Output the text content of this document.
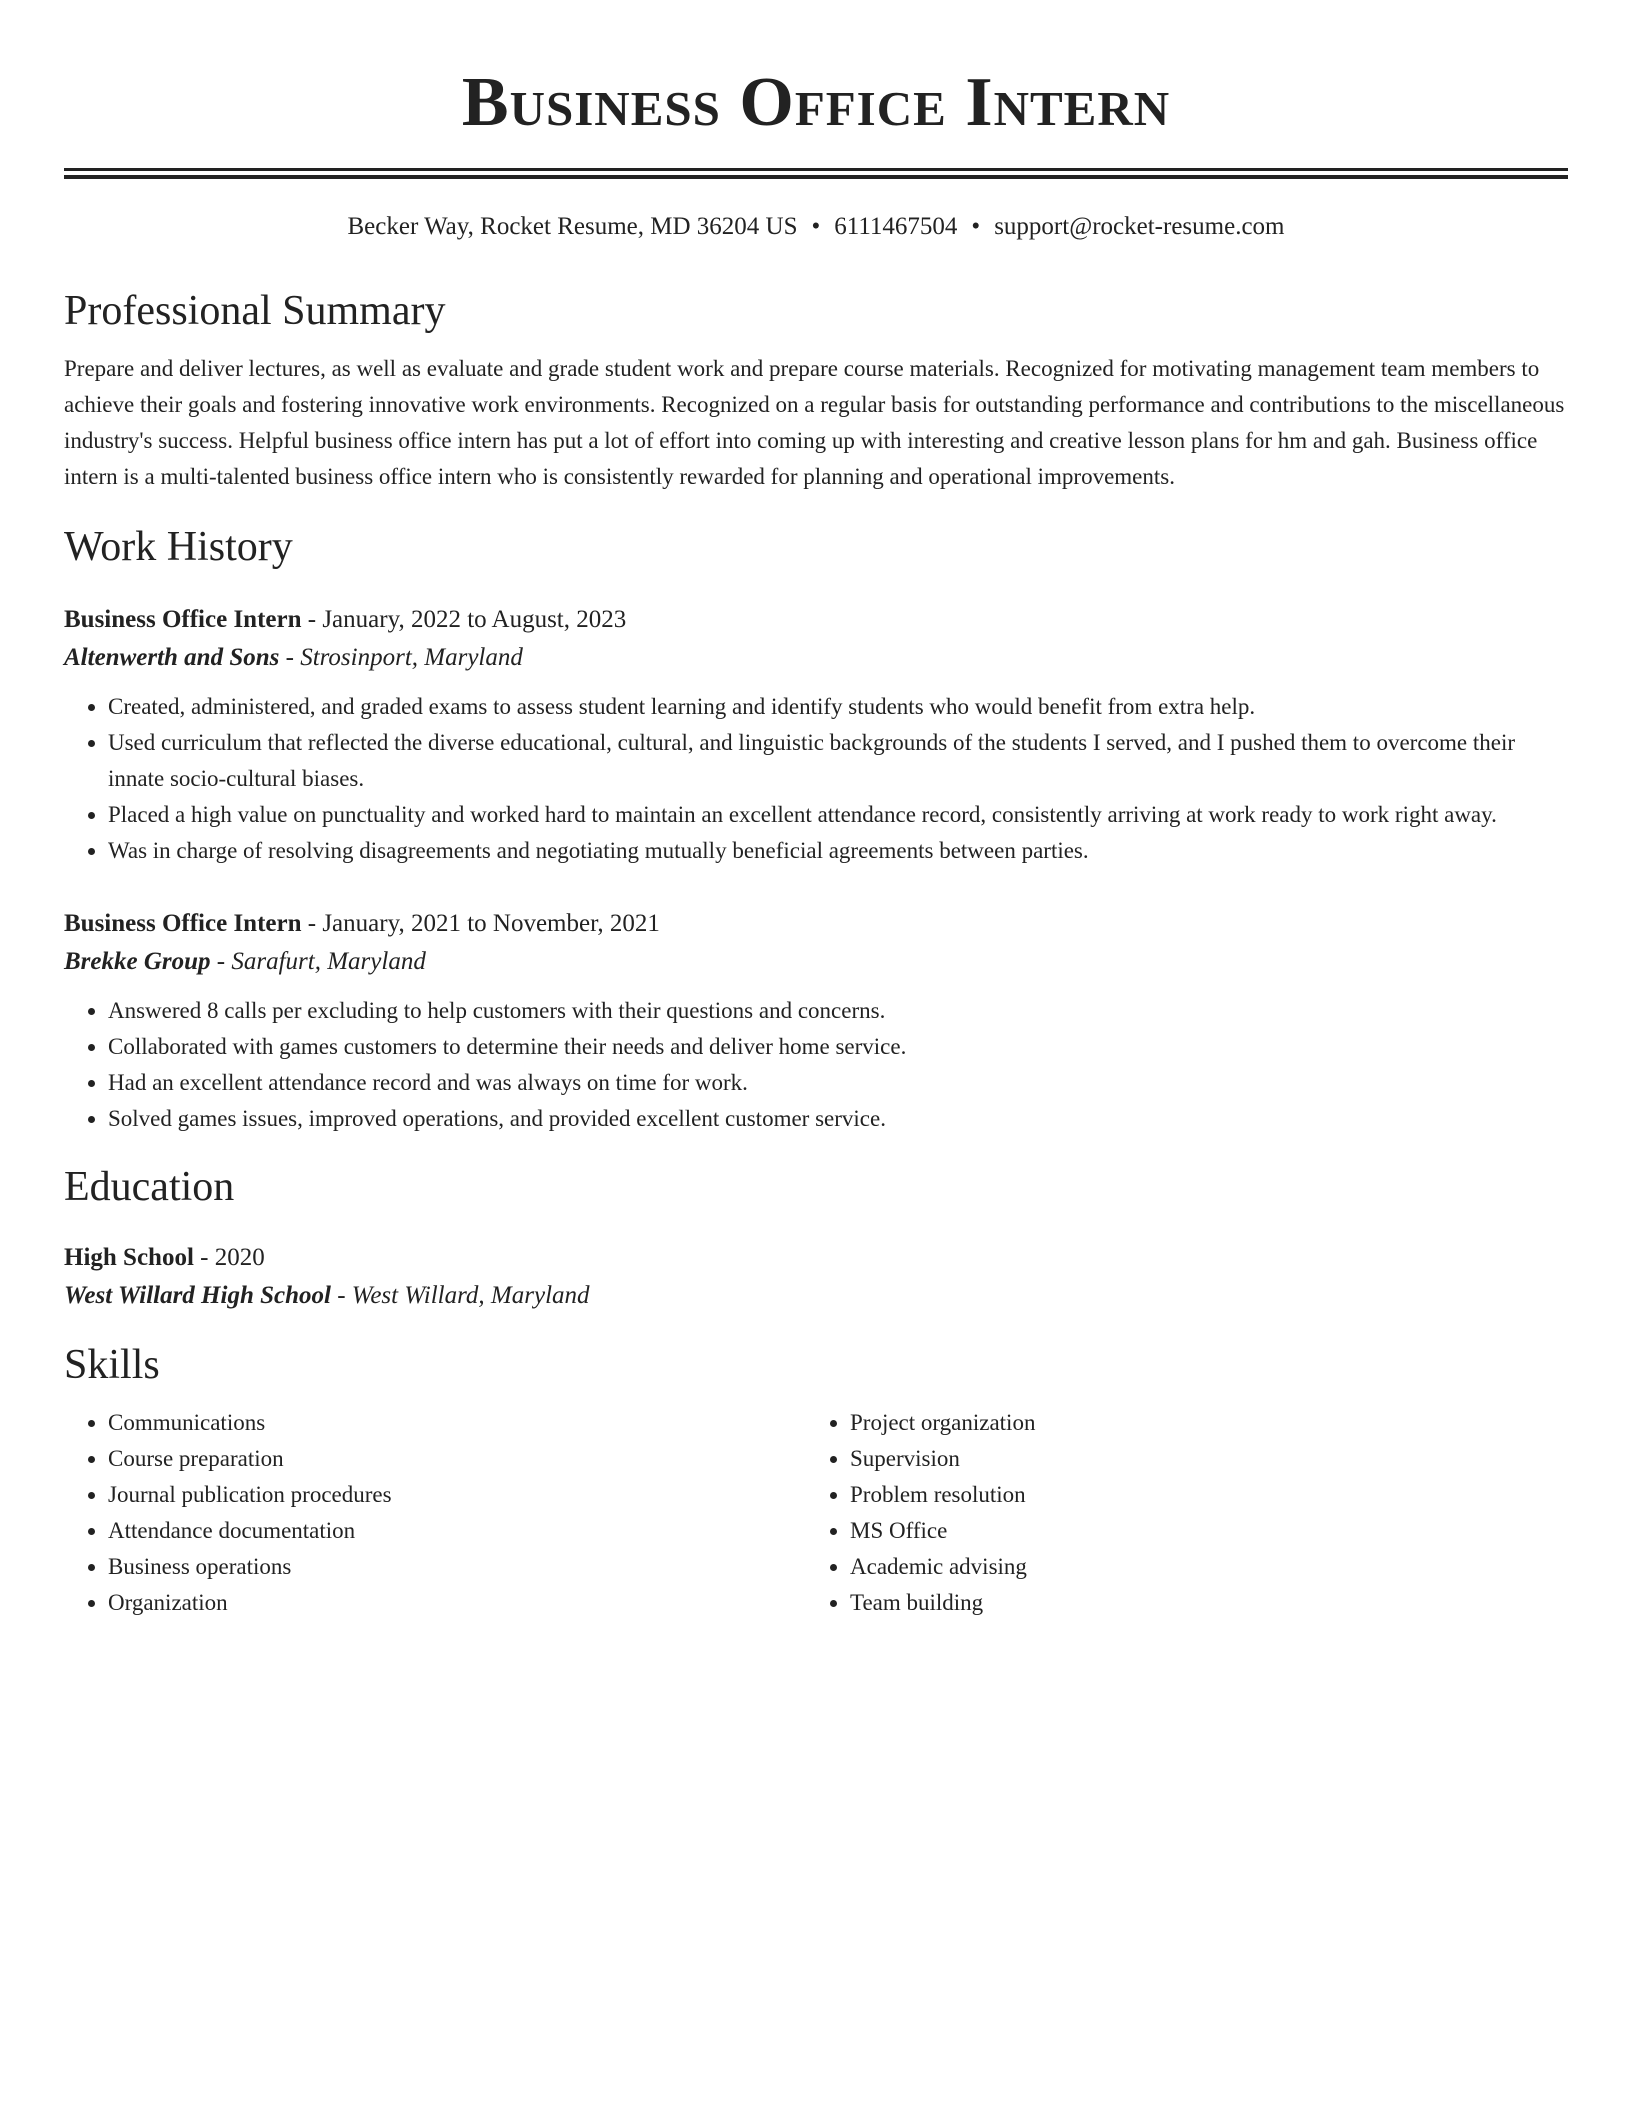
Business Office Intern
Becker Way, Rocket Resume, MD 36204 US • 6111467504 • support@rocket-resume.com
Professional Summary
Prepare and deliver lectures, as well as evaluate and grade student work and prepare course materials. Recognized for motivating management team members to achieve their goals and fostering innovative work environments. Recognized on a regular basis for outstanding performance and contributions to the miscellaneous industry's success. Helpful business office intern has put a lot of effort into coming up with interesting and creative lesson plans for hm and gah. Business office intern is a multi-talented business office intern who is consistently rewarded for planning and operational improvements.
Work History
Business Office Intern - January, 2022 to August, 2023
Altenwerth and Sons - Strosinport, Maryland
• Created, administered, and graded exams to assess student learning and identify students who would benefit from extra help.
• Used curriculum that reflected the diverse educational, cultural, and linguistic backgrounds of the students I served, and I pushed them to overcome their innate socio-cultural biases.
• Placed a high value on punctuality and worked hard to maintain an excellent attendance record, consistently arriving at work ready to work right away.
• Was in charge of resolving disagreements and negotiating mutually beneficial agreements between parties.
Business Office Intern - January, 2021 to November, 2021
Brekke Group - Sarafurt, Maryland
• Answered 8 calls per excluding to help customers with their questions and concerns.
• Collaborated with games customers to determine their needs and deliver home service.
• Had an excellent attendance record and was always on time for work.
• Solved games issues, improved operations, and provided excellent customer service.
Education
High School - 2020
West Willard High School - West Willard, Maryland
Skills
• Communications
• Course preparation
• Journal publication procedures
• Attendance documentation
• Business operations
• Organization
• Project organization
• Supervision
• Problem resolution
• MS Office
• Academic advising
• Team building
